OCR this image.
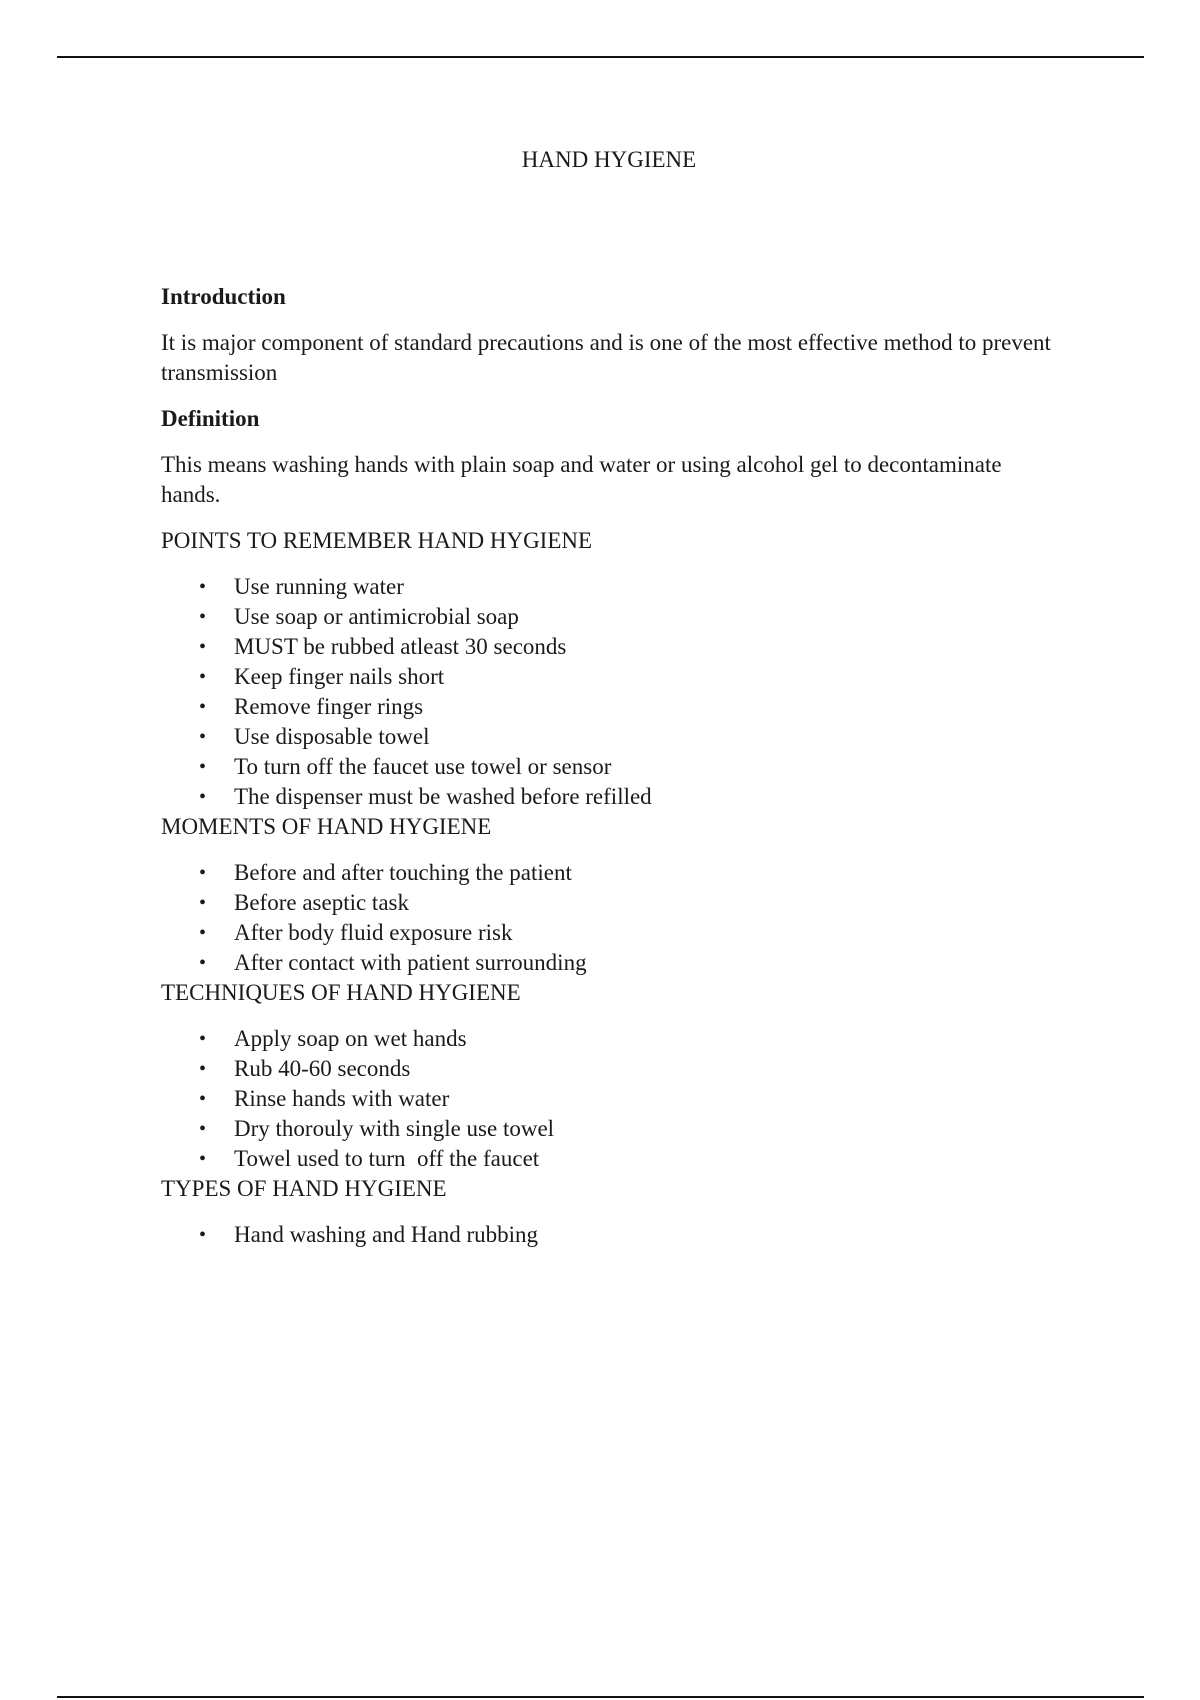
HAND HYGIENE
Introduction
It is major component of standard precautions and is one of the most effective method to prevent transmission
Definition
This means washing hands with plain soap and water or using alcohol gel to decontaminate hands.
POINTS TO REMEMBER HAND HYGIENE
• Use running water
• Use soap or antimicrobial soap
• MUST be rubbed atleast 30 seconds
• Keep finger nails short
• Remove finger rings
• Use disposable towel
• To turn off the faucet use towel or sensor
• The dispenser must be washed before refilled
MOMENTS OF HAND HYGIENE
• Before and after touching the patient
• Before aseptic task
• After body fluid exposure risk
• After contact with patient surrounding
TECHNIQUES OF HAND HYGIENE
• Apply soap on wet hands
• Rub 40-60 seconds
• Rinse hands with water
• Dry thorouly with single use towel
• Towel used to turn  off the faucet
TYPES OF HAND HYGIENE
• Hand washing and Hand rubbing
